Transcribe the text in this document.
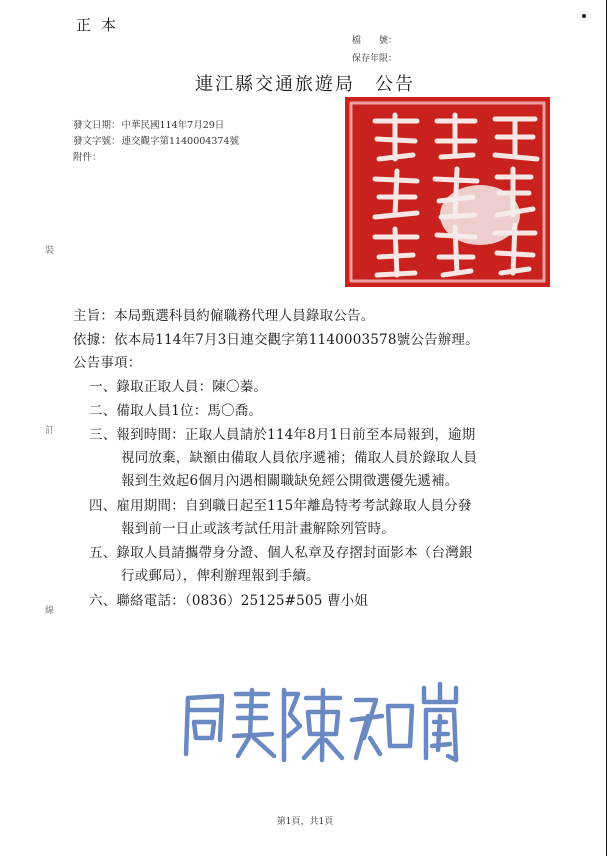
正本
檔　　號：
保存年限：
連江縣交通旅遊局　公告
發文日期：中華民國114年7月29日
發文字號：連交觀字第1140004374號
附件：
裝
訂
線
主旨：本局甄選科員約僱職務代理人員錄取公告。
依據：依本局114年7月3日連交觀字第1140003578號公告辦理。
公告事項：
一、錄取正取人員：陳〇蓁。
二、備取人員1位：馬〇喬。
三、報到時間：正取人員請於114年8月1日前至本局報到，逾期
視同放棄，缺額由備取人員依序遞補；備取人員於錄取人員
報到生效起6個月內遇相關職缺免經公開徵選優先遞補。
四、雇用期間：自到職日起至115年離島特考考試錄取人員分發
報到前一日止或該考試任用計畫解除列管時。
五、錄取人員請攜帶身分證、個人私章及存摺封面影本（台灣銀
行或郵局），俾利辦理報到手續。
六、聯絡電話：（0836）25125#505 曹小姐
第1頁，共1頁
